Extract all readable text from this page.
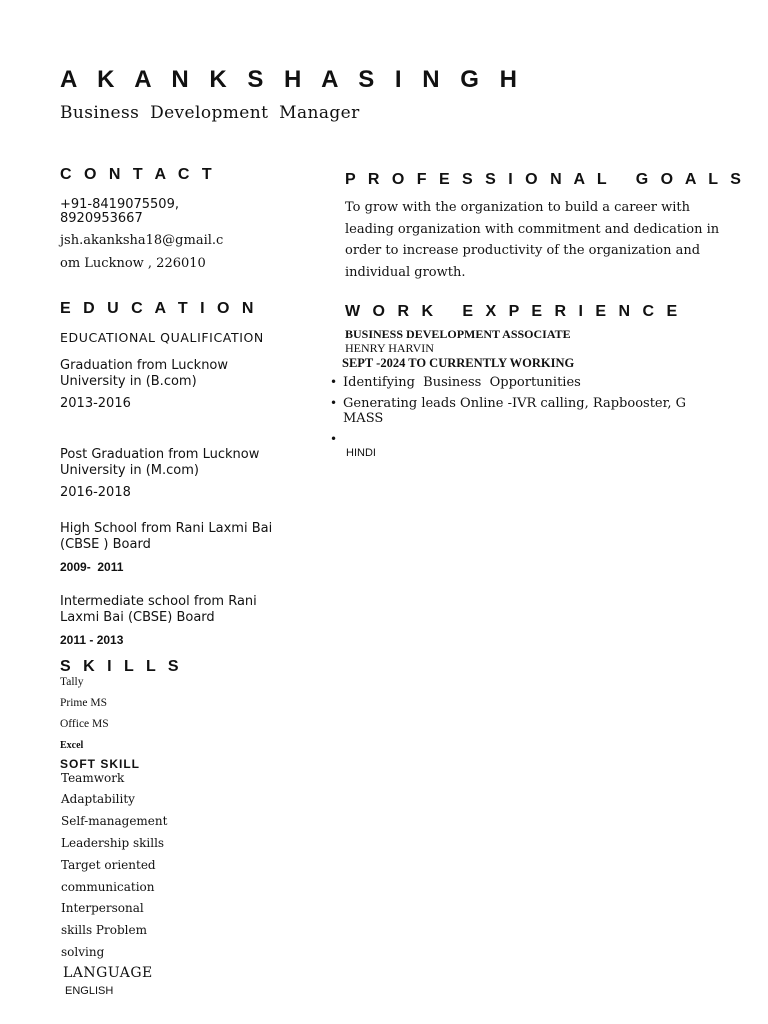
A K A N K S H A S I N G H
Business Development Manager
C O N T A C T
+91-8419075509,
8920953667
jsh.akanksha18@gmail.c
om Lucknow , 226010
E D U C A T I O N
EDUCATIONAL QUALIFICATION
Graduation from Lucknow
University in (B.com)
2013-2016
Post Graduation from Lucknow
University in (M.com)
2016-2018
High School from Rani Laxmi Bai
(CBSE ) Board
2009-  2011
Intermediate school from Rani
Laxmi Bai (CBSE) Board
2011 - 2013
S K I L L S
Tally
Prime MS
Office MS
Excel
SOFT SKILL
Teamwork
Adaptability
Self-management
Leadership skills
Target oriented
communication
Interpersonal
skills Problem
solving
LANGUAGE
ENGLISH
P R O F E S S I O N A L   G O A L S
To grow with the organization to build a career with leading organization with commitment and dedication in order to increase productivity of the organization and individual growth.
W O R K   E X P E R I E N C E
BUSINESS DEVELOPMENT ASSOCIATE
HENRY HARVIN
SEPT -2024 TO CURRENTLY WORKING
• Identifying  Business  Opportunities
• Generating leads Online -IVR calling, Rapbooster, G MASS
•
HINDI
